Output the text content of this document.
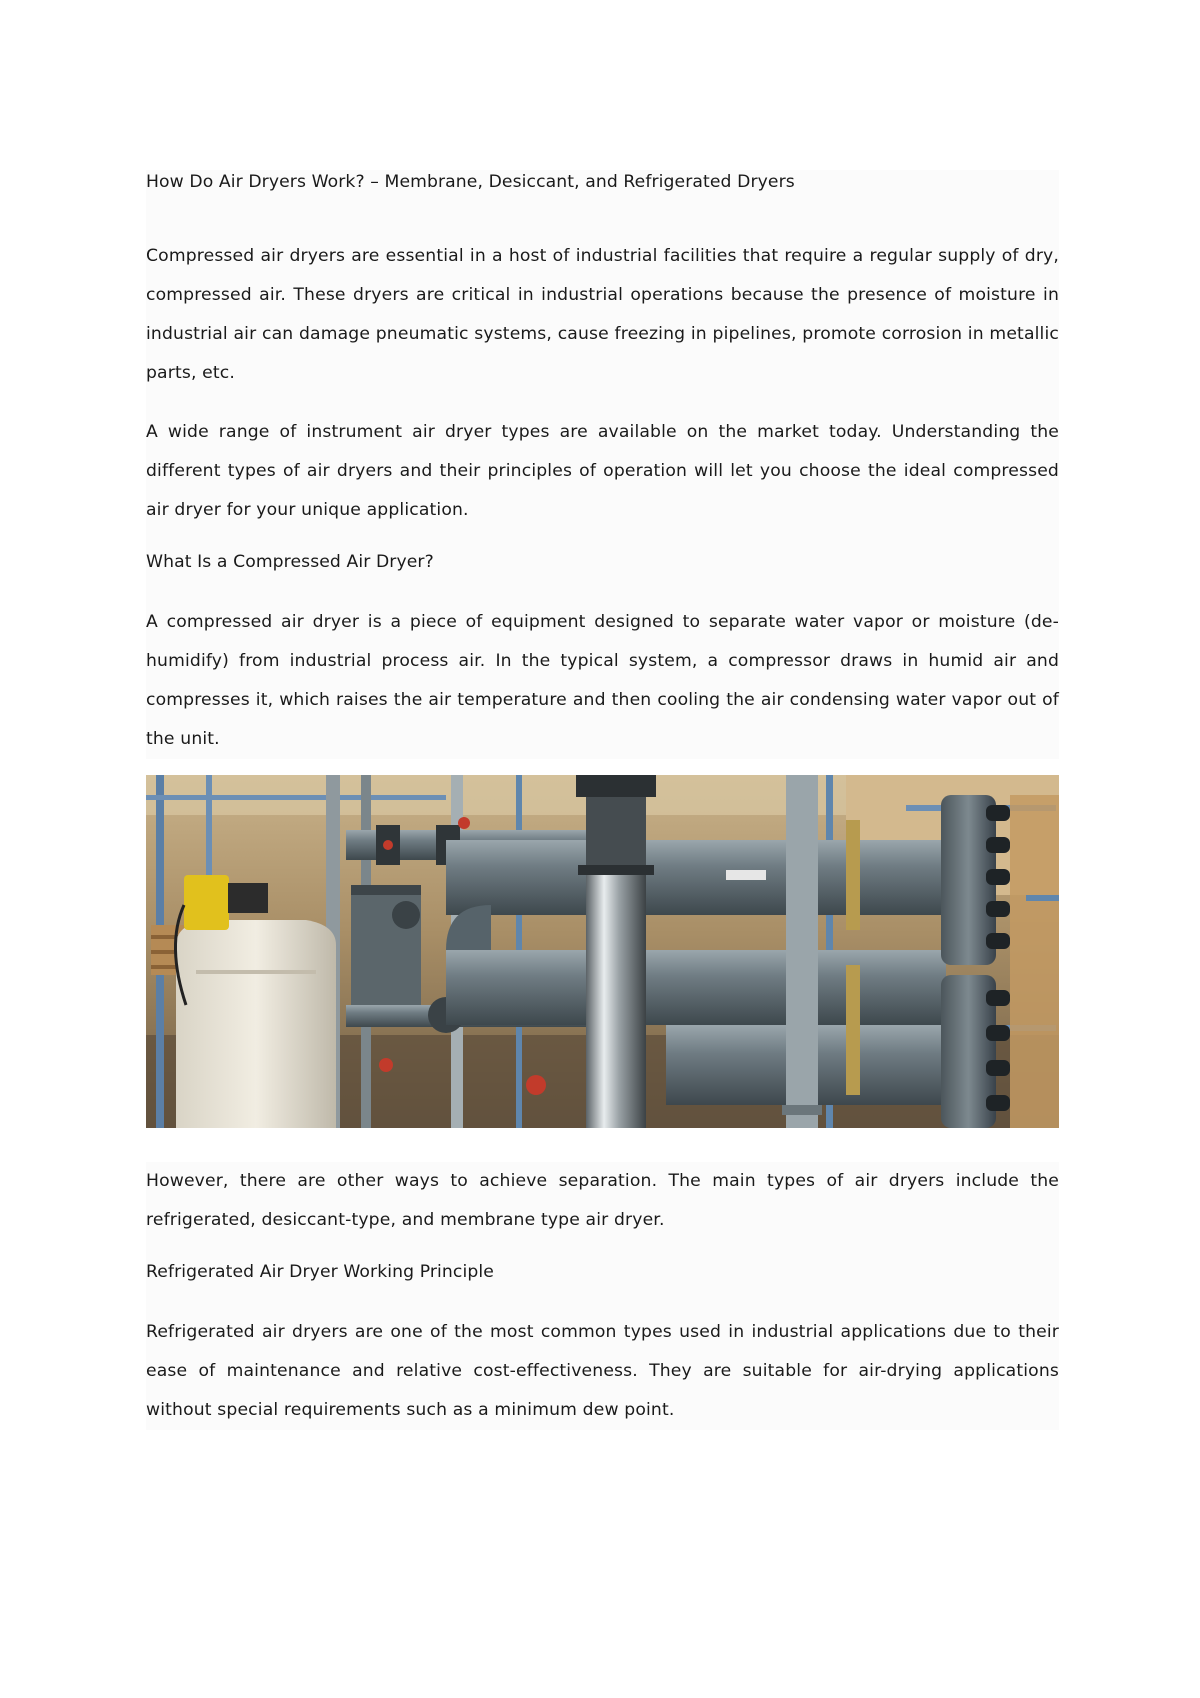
How Do Air Dryers Work? – Membrane, Desiccant, and Refrigerated Dryers

Compressed air dryers are essential in a host of industrial facilities that require a regular supply of dry, compressed air. These dryers are critical in industrial operations because the presence of moisture in industrial air can damage pneumatic systems, cause freezing in pipelines, promote corrosion in metallic parts, etc.

A wide range of instrument air dryer types are available on the market today. Understanding the different types of air dryers and their principles of operation will let you choose the ideal compressed air dryer for your unique application.

What Is a Compressed Air Dryer?

A compressed air dryer is a piece of equipment designed to separate water vapor or moisture (de-humidify) from industrial process air. In the typical system, a compressor draws in humid air and compresses it, which raises the air temperature and then cooling the air condensing water vapor out of the unit.

However, there are other ways to achieve separation. The main types of air dryers include the refrigerated, desiccant-type, and membrane type air dryer.

Refrigerated Air Dryer Working Principle

Refrigerated air dryers are one of the most common types used in industrial applications due to their ease of maintenance and relative cost-effectiveness. They are suitable for air-drying applications without special requirements such as a minimum dew point.
